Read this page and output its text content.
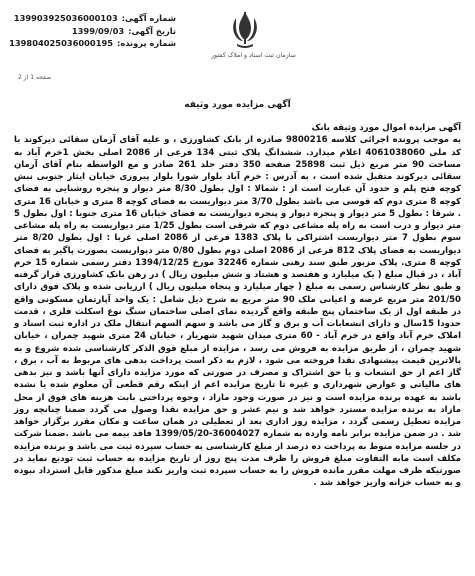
شماره آگهی:
139903925036000103
تاریخ آگهی:
1399/09/03
شماره پرونده:
139804025036000195
سازمان ثبت اسناد و املاک کشور
صفحه 1 از 2
آگهی مزایده مورد وثیقه

آگهی مزایده اموال مورد وثیقه بانک

به موجب پرونده اجرائی کلاسه 9800216 صادره از بانک کشاورزی ، و علیه آقای آرمان سقائی دیرکوند با کد ملی 4061038060 اعلام میدارد. ششدانگ پلاک ثبتی 134 فرعی از 2086 اصلی بخش 1خرم آباد به مساحت 90 متر مربع ذیل ثبت 25898 صفحه 350 دفتر جلد 261 صادر و مع الواسطه بنام آقای آرمان سقائی دیرکوند متقبل شده است ، به آدرس : خرم آباد بلوار شورا بلوار پیروزی خیابان ایثار جنوبی نبش کوچه فتح پلم و حدود آن عبارت است از : شمالا : اول بطول 8/30 متر دیوار و پنجره روشنایی به فضای کوچه 8 متری دوم که قوسی می باشد بطول 3/70 متر دیواریست به فضای کوچه 8 متری و خیابان 16 متری . شرقا : بطول 5 متر دیوار و پنجره دیوار و پنجره دیواریست به فضای خیابان 16 متری جنوبا : اول بطول 5 متر دیوار و درب است به راه پله مشاعی دوم که شرقی است بطول 1/25 متر دیواریست به راه پله مشاعی سوم بطول 7 متر دیواریست اشتراکی با پلاک 1383 فرعی از 2086 اصلی غربا : اول بطول 8/20 متر دیواریست به فضای پلاک 812 فرعی از 2086 اصلی دوم بطول 0/80 متر دیواریست بصورت پاگیر به فضای کوچه 8 متری. پلاک مزبور طبق سند رهنی شماره 32246 مورخ 1394/12/25 دفتر رسمی شماره 15 خرم آباد ، در قبال مبلغ ( یک میلیارد و هفتصد و هشتاد و شش میلیون ریال ) در رهن بانک کشاورزی قرار گرفته و طبق نظر کارشناس رسمی به مبلغ ( چهار میلیارد و پنجاه میلیون ریال ) ارزیابی شده و پلاک فوق دارای 201/50 متر مربع عرصه و اعیانی ملک 90 متر مربع به شرح ذیل شامل : یک واحد آپارتمان مسکونی واقع در طبقه اول از یک ساختمان پنج طبقه واقع گردیده نمای اصلی ساختمان سنگ نوع اسکلت فلزی ، قدمت حدودا 15سال و دارای انشعابات آب و برق و گاز می باشد و سهم السهم انتقال ملک در اداره ثبت اسناد و املاک خرم آباد واقع در خرم آباد - 60 متری میدان شهید شهریار ، خیابان 24 متری شهید چمران ، خیابان شهید چمران ، از طریق مزایده به فروش می رسد ، مزایده از مبلغ فوق الذکر کارشناسی شده شروع و به بالاترین قیمت پیشنهادی نقدا فروخته می شود ، لازم به ذکر است پرداخت بدهی های مربوط به آب ، برق ، گاز اعم از حق انشعاب و یا حق اشتراک و مصرف در صورتی که مورد مزایده دارای آنها باشد و نیز بدهی های مالیاتی و عوارض شهرداری و غیره تا تاریخ مزایده اعم از اینکه رقم قطعی آن معلوم شده یا نشده باشد به عهده برنده مزایده است و نیز در صورت وجود مازاد ، وجوه پرداختی بابت هزینه های فوق از محل مازاد به برنده مزایده مسترد خواهد شد و نیم عشر و حق مزایده نقدا وصول می گردد ضمنا چنانچه روز مزایده تعطیل رسمی گردد ، مزایده روز اداری بعد از تعطیلی در همان ساعت و مکان مقرر برگزار خواهد شد . در ضمن مزایده برابر نامه وارده به شماره 36004027-1399/05/20 فاقد بیمه می باشد .ضمنا شرکت در جلسه مزایده منوط به پرداخت ده درصد از مبلغ کارشناسی به حساب سپرده ثبت می باشد و برنده مزایده مکلف است مابه التفاوت مبلغ فروش را ظرف مدت پنج روز از تاریخ مزایده به حساب ثبت تودیع نماید در صورتیکه ظرف مهلت مقرر مانده فروش را به حساب سپرده ثبت واریز نکند مبلغ مذکور قابل استرداد نبوده و به حساب خزانه واریز خواهد شد .
